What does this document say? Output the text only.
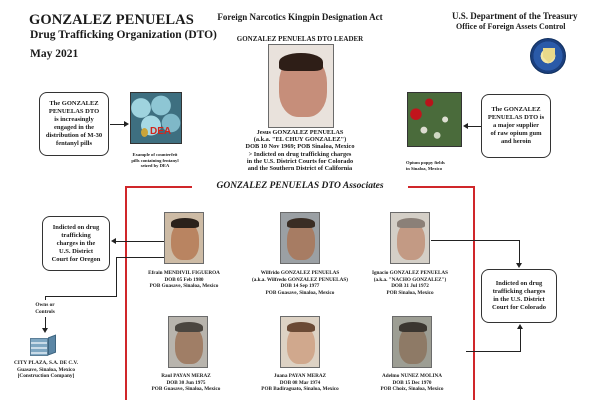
GONZALEZ PENUELAS
Drug Trafficking Organization (DTO)
May 2021
Foreign Narcotics Kingpin Designation Act	U.S. Department of the Treasury
Office of Foreign Assets Control
GONZALEZ PENUELAS DTO LEADER
Jesus GONZALEZ PENUELAS
(a.k.a. "EL CHUY GONZALEZ")
DOB 10 Nov 1969; POB Sinaloa, Mexico
> Indicted on drug trafficking charges
in the U.S. District Courts for Colorado
and the Southern District of California
The GONZALEZ
PENUELAS DTO
is increasingly
engaged in the
distribution of M-30
fentanyl pills
DEA
Example of counterfeit
pills containing fentanyl
seized by DEA
Opium poppy fields
in Sinaloa, Mexico
The GONZALEZ
PENUELAS DTO is
a major supplier
of raw opium gum
and heroin
GONZALEZ PENUELAS DTO Associates
Efrain MENDIVIL FIGUEROA
DOB 05 Feb 1980
POB Guasave, Sinaloa, Mexico
Wilfrido GONZALEZ PENUELAS
(a.k.a. Wilfredo GONZALEZ PENUELAS)
DOB 14 Sep 1977
POB Guasave, Sinaloa, Mexico
Ignacio GONZALEZ PENUELAS
(a.k.a. "NACHO GONZALEZ")
DOB 31 Jul 1972
POB Sinaloa, Mexico
Raul PAYAN MERAZ
DOB 30 Jun 1975
POB Guasave, Sinaloa, Mexico
Juana PAYAN MERAZ
DOB 08 Mar 1974
POB Badiraguato, Sinaloa, Mexico
Adelmo NUNEZ MOLINA
DOB 15 Dec 1970
POB Choix, Sinaloa, Mexico
Indicted on drug
trafficking
charges in the
U.S. District
Court for Oregon
Owns or
Controls
CITY PLAZA, S.A. DE C.V.
Guasave, Sinaloa, Mexico
[Construction Company]
Indicted on drug
trafficking charges
in the U.S. District
Court for Colorado
